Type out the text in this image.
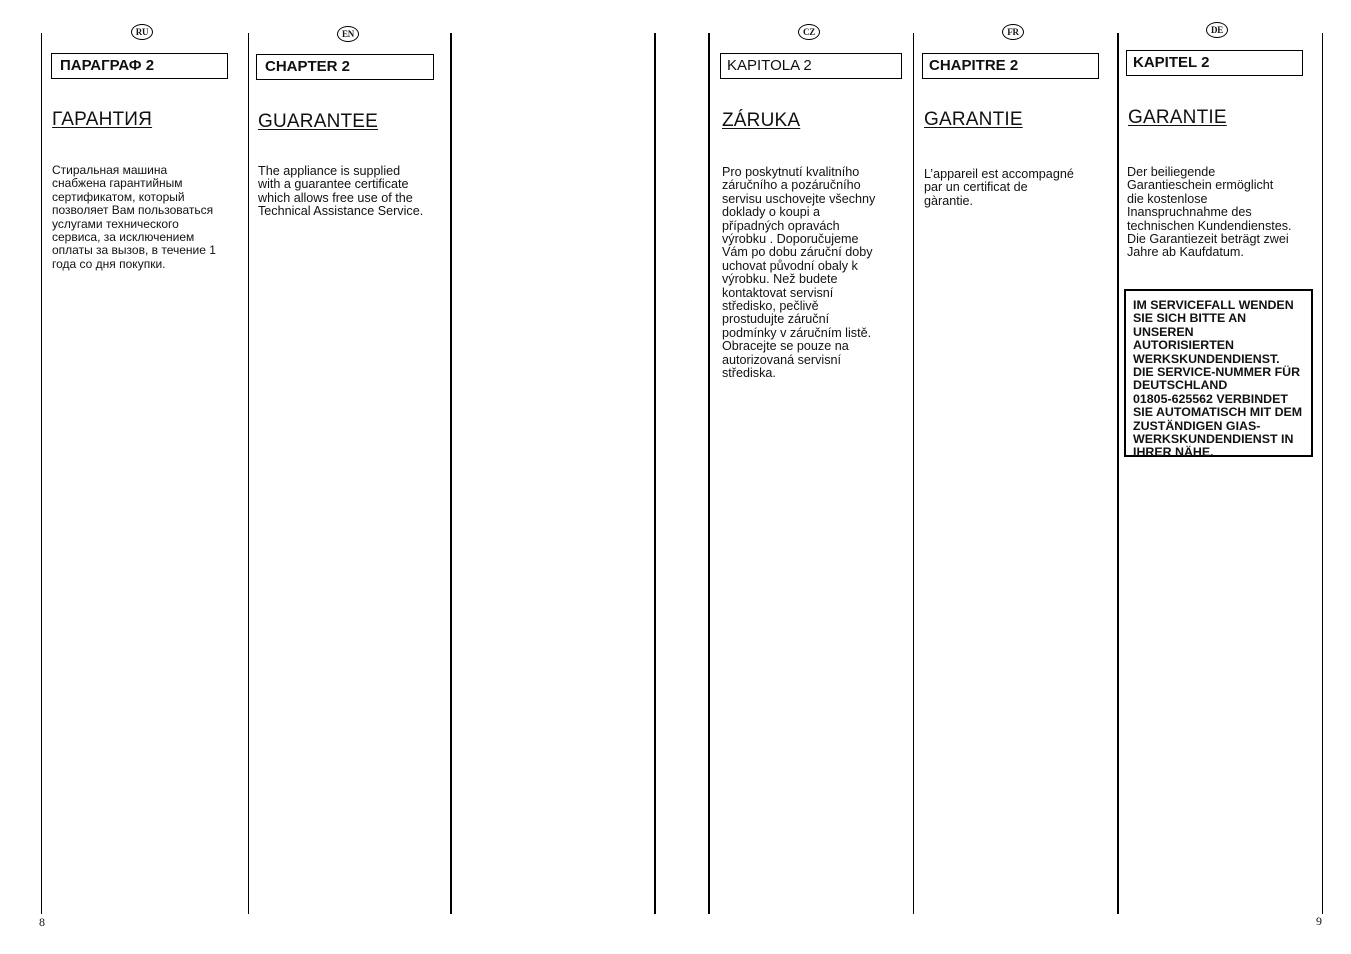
RU
ПАРАГРАФ 2
ГАРАНТИЯ

Стиральная машина
снабжена гарантийным
сертификатом, который
позволяет Вам пользоваться
услугами технического
сервиса, за исключением
оплаты за вызов, в течение 1
года со дня покупки.

EN
CHAPTER 2
GUARANTEE

The appliance is supplied
with a guarantee certificate
which allows free use of the
Technical Assistance Service.

CZ
KAPITOLA 2
ZÁRUKA

Pro poskytnutí kvalitního
záručního a pozáručního
servisu uschovejte všechny
doklady o koupi a
případných opravách
výrobku . Doporučujeme
Vám po dobu záruční doby
uchovat původní obaly k
výrobku. Než budete
kontaktovat servisní
středisko, pečlivě
prostudujte záruční
podmínky v záručním listě.
Obracejte se pouze na
autorizovaná servisní
střediska.

FR
CHAPITRE 2
GARANTIE

L’appareil est accompagné
par un certificat de
gàrantie.

DE
KAPITEL 2
GARANTIE

Der beiliegende
Garantieschein ermöglicht
die kostenlose
Inanspruchnahme des
technischen Kundendienstes.
Die Garantiezeit beträgt zwei
Jahre ab Kaufdatum.

IM SERVICEFALL WENDEN
SIE SICH BITTE AN UNSEREN
AUTORISIERTEN
WERKSKUNDENDIENST.
DIE SERVICE-NUMMER FÜR
DEUTSCHLAND
01805-625562 VERBINDET
SIE AUTOMATISCH MIT DEM
ZUSTÄNDIGEN GIAS-
WERKSKUNDENDIENST IN
IHRER NÄHE.

8	9
